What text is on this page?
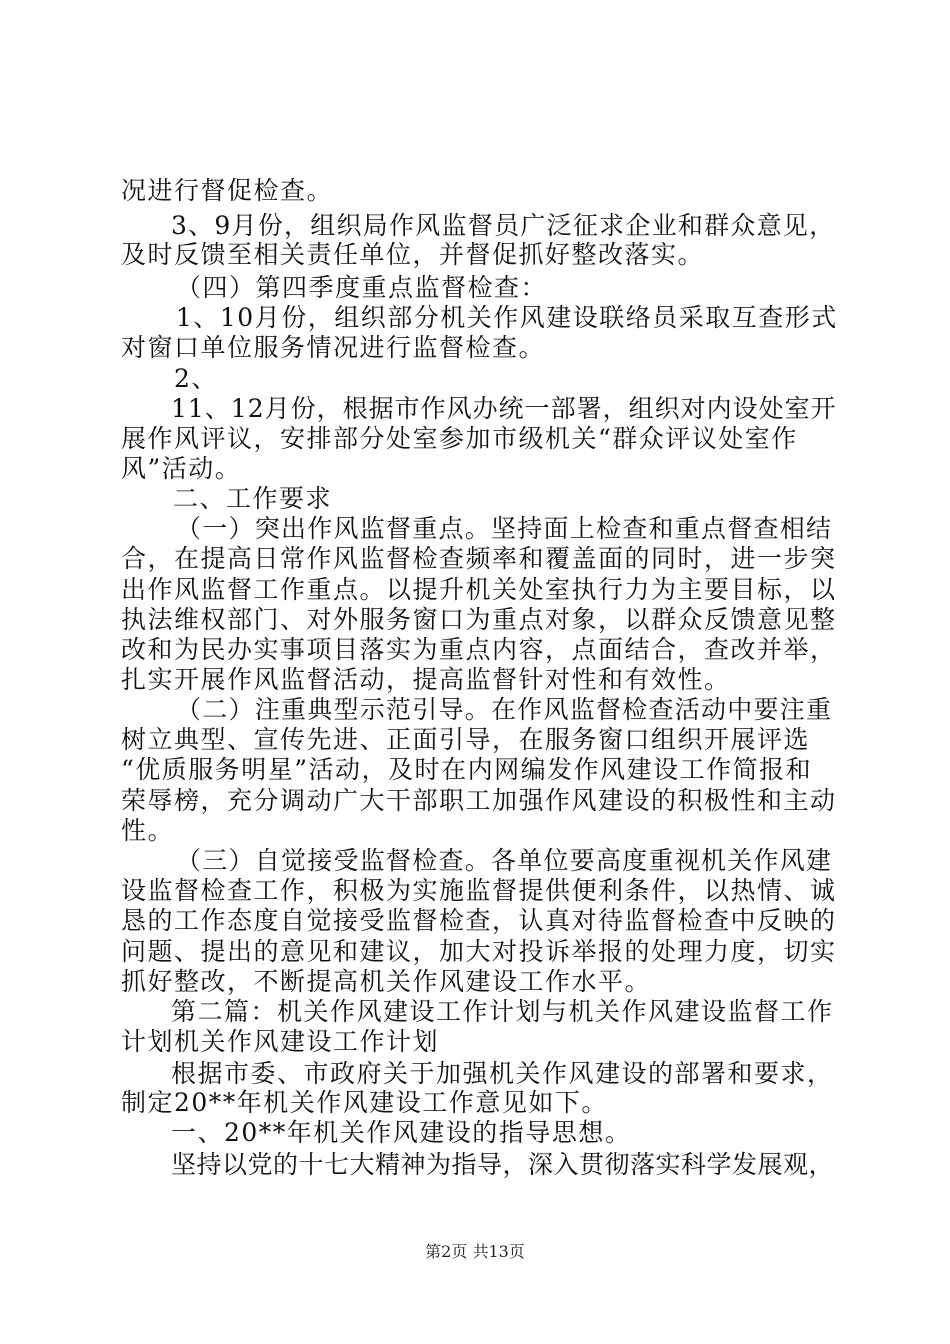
况进行督促检查。
3、9月份，组织局作风监督员广泛征求企业和群众意见，
及时反馈至相关责任单位，并督促抓好整改落实。
（四）第四季度重点监督检查：
1、10月份，组织部分机关作风建设联络员采取互查形式
对窗口单位服务情况进行监督检查。
2、
11、12月份，根据市作风办统一部署，组织对内设处室开
展作风评议，安排部分处室参加市级机关“群众评议处室作
风”活动。
二、工作要求
（一）突出作风监督重点。坚持面上检查和重点督查相结
合，在提高日常作风监督检查频率和覆盖面的同时，进一步突
出作风监督工作重点。以提升机关处室执行力为主要目标，以
执法维权部门、对外服务窗口为重点对象，以群众反馈意见整
改和为民办实事项目落实为重点内容，点面结合，查改并举，
扎实开展作风监督活动，提高监督针对性和有效性。
（二）注重典型示范引导。在作风监督检查活动中要注重
树立典型、宣传先进、正面引导，在服务窗口组织开展评选
“优质服务明星”活动，及时在内网编发作风建设工作简报和
荣辱榜，充分调动广大干部职工加强作风建设的积极性和主动
性。
（三）自觉接受监督检查。各单位要高度重视机关作风建
设监督检查工作，积极为实施监督提供便利条件，以热情、诚
恳的工作态度自觉接受监督检查，认真对待监督检查中反映的
问题、提出的意见和建议，加大对投诉举报的处理力度，切实
抓好整改，不断提高机关作风建设工作水平。
第二篇：机关作风建设工作计划与机关作风建设监督工作
计划机关作风建设工作计划
根据市委、市政府关于加强机关作风建设的部署和要求，
制定20**年机关作风建设工作意见如下。
一、20**年机关作风建设的指导思想。
坚持以党的十七大精神为指导，深入贯彻落实科学发展观，
第2页 共13页
